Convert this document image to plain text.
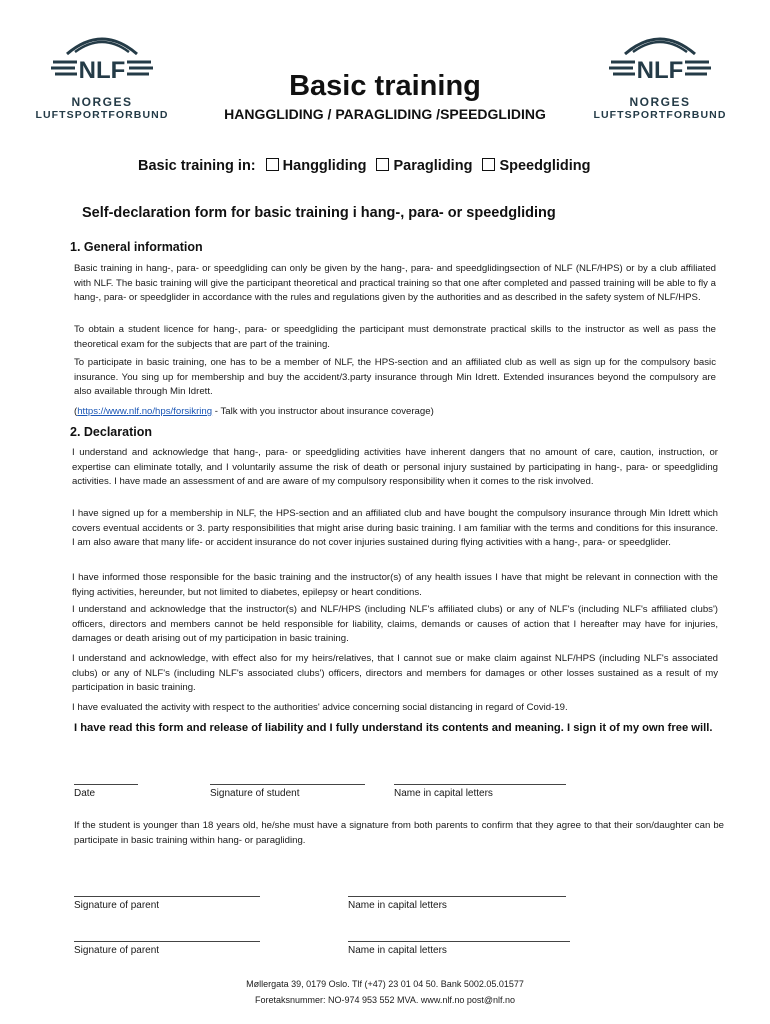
NLF
NORGES
LUFTSPORTFORBUND
NLF
NORGES
LUFTSPORTFORBUND
Basic training
HANGGLIDING / PARAGLIDING /SPEEDGLIDING
Basic training in: Hanggliding Paragliding Speedgliding
Self-declaration form for basic training i hang-, para- or speedgliding
1. General information

Basic training in hang-, para- or speedgliding can only be given by the hang-, para- and speedglidingsection of NLF (NLF/HPS) or by a club affiliated with NLF. The basic training will give the participant theoretical and practical training so that one after completed and passed training will be able to fly a hang-, para- or speedglider in accordance with the rules and regulations given by the authorities and as described in the safety system of NLF/HPS.

To obtain a student licence for hang-, para- or speedgliding the participant must demonstrate practical skills to the instructor as well as pass the theoretical exam for the subjects that are part of the training.

To participate in basic training, one has to be a member of NLF, the HPS-section and an affiliated club as well as sign up for the compulsory basic insurance. You sing up for membership and buy the accident/3.party insurance through Min Idrett. Extended insurances beyond the compulsory are also available through Min Idrett.

(https://www.nlf.no/hps/forsikring - Talk with you instructor about insurance coverage)

2. Declaration

I understand and acknowledge that hang-, para- or speedgliding activities have inherent dangers that no amount of care, caution, instruction, or expertise can eliminate totally, and I voluntarily assume the risk of death or personal injury sustained by participating in hang-, para- or speedgliding activities. I have made an assessment of and are aware of my compulsory responsibility when it comes to the risk involved.

I have signed up for a membership in NLF, the HPS-section and an affiliated club and have bought the compulsory insurance through Min Idrett which covers eventual accidents or 3. party responsibilities that might arise during basic training. I am familiar with the terms and conditions for this insurance. I am also aware that many life- or accident insurance do not cover injuries sustained during flying activities with a hang-, para- or speedglider.

I have informed those responsible for the basic training and the instructor(s) of any health issues I have that might be relevant in connection with the flying activities, hereunder, but not limited to diabetes, epilepsy or heart conditions.

I understand and acknowledge that the instructor(s) and NLF/HPS (including NLF's affiliated clubs) or any of NLF's (including NLF's affiliated clubs') officers, directors and members cannot be held responsible for liability, claims, demands or causes of action that I hereafter may have for injuries, damages or death arising out of my participation in basic training.

I understand and acknowledge, with effect also for my heirs/relatives, that I cannot sue or make claim against NLF/HPS (including NLF's associated clubs) or any of NLF's (including NLF's associated clubs') officers, directors and members for damages or other losses sustained as a result of my participation in basic training.

I have evaluated the activity with respect to the authorities' advice concerning social distancing in regard of Covid-19.

I have read this form and release of liability and I fully understand its contents and meaning. I sign it of my own free will.
Date	Signature of student	Name in capital letters

If the student is younger than 18 years old, he/she must have a signature from both parents to confirm that they agree to that their son/daughter can be participate in basic training within hang- or paragliding.

Signature of parent	Name in capital letters
Signature of parent	Name in capital letters
Møllergata 39, 0179 Oslo. Tlf (+47) 23 01 04 50. Bank 5002.05.01577
Foretaksnummer: NO-974 953 552 MVA. www.nlf.no post@nlf.no
